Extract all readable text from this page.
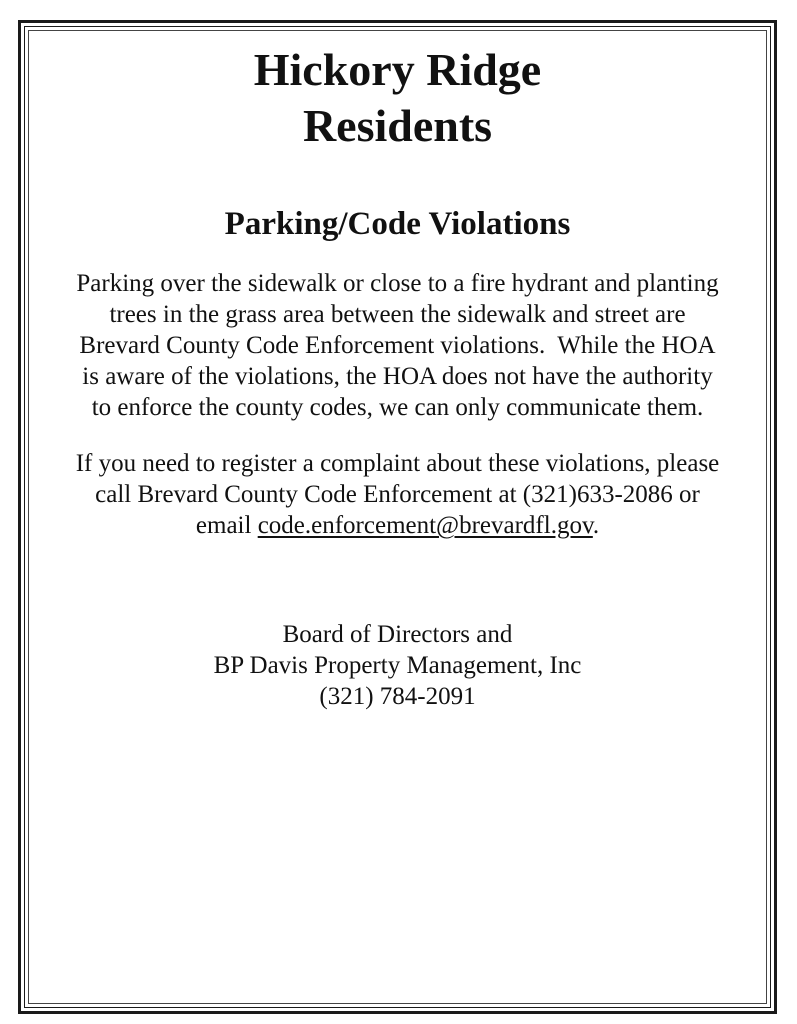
Hickory Ridge
Residents
Parking/Code Violations

Parking over the sidewalk or close to a fire hydrant and planting
trees in the grass area between the sidewalk and street are
Brevard County Code Enforcement violations.  While the HOA
is aware of the violations, the HOA does not have the authority
to enforce the county codes, we can only communicate them.

If you need to register a complaint about these violations, please
call Brevard County Code Enforcement at (321)633-2086 or
email code.enforcement@brevardfl.gov.

Board of Directors and
BP Davis Property Management, Inc
(321) 784-2091
